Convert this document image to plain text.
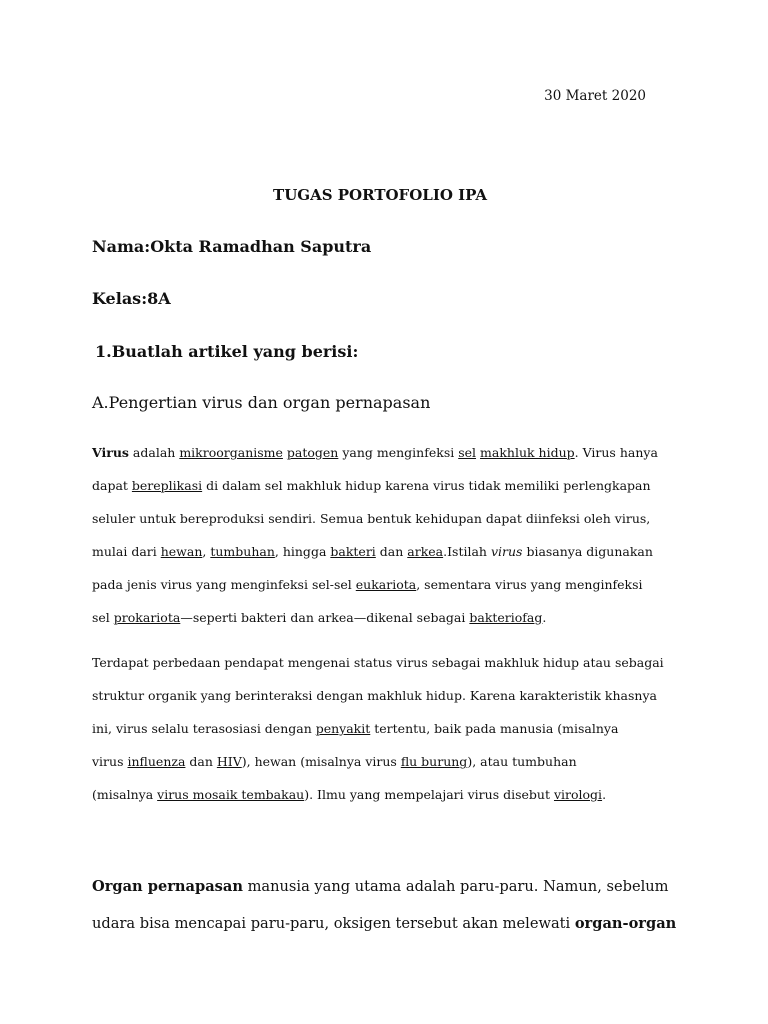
30 Maret 2020
TUGAS PORTOFOLIO IPA
Nama:Okta Ramadhan Saputra
Kelas:8A
1.Buatlah artikel yang berisi:
A.Pengertian virus dan organ pernapasan

Virus adalah mikroorganisme patogen yang menginfeksi sel makhluk hidup. Virus hanya
dapat bereplikasi di dalam sel makhluk hidup karena virus tidak memiliki perlengkapan
seluler untuk bereproduksi sendiri. Semua bentuk kehidupan dapat diinfeksi oleh virus,
mulai dari hewan, tumbuhan, hingga bakteri dan arkea.Istilah virus biasanya digunakan
pada jenis virus yang menginfeksi sel-sel eukariota, sementara virus yang menginfeksi
sel prokariota—seperti bakteri dan arkea—dikenal sebagai bakteriofag.

Terdapat perbedaan pendapat mengenai status virus sebagai makhluk hidup atau sebagai
struktur organik yang berinteraksi dengan makhluk hidup. Karena karakteristik khasnya
ini, virus selalu terasosiasi dengan penyakit tertentu, baik pada manusia (misalnya
virus influenza dan HIV), hewan (misalnya virus flu burung), atau tumbuhan
(misalnya virus mosaik tembakau). Ilmu yang mempelajari virus disebut virologi.

Organ pernapasan manusia yang utama adalah paru-paru. Namun, sebelum
udara bisa mencapai paru-paru, oksigen tersebut akan melewati organ-organ
